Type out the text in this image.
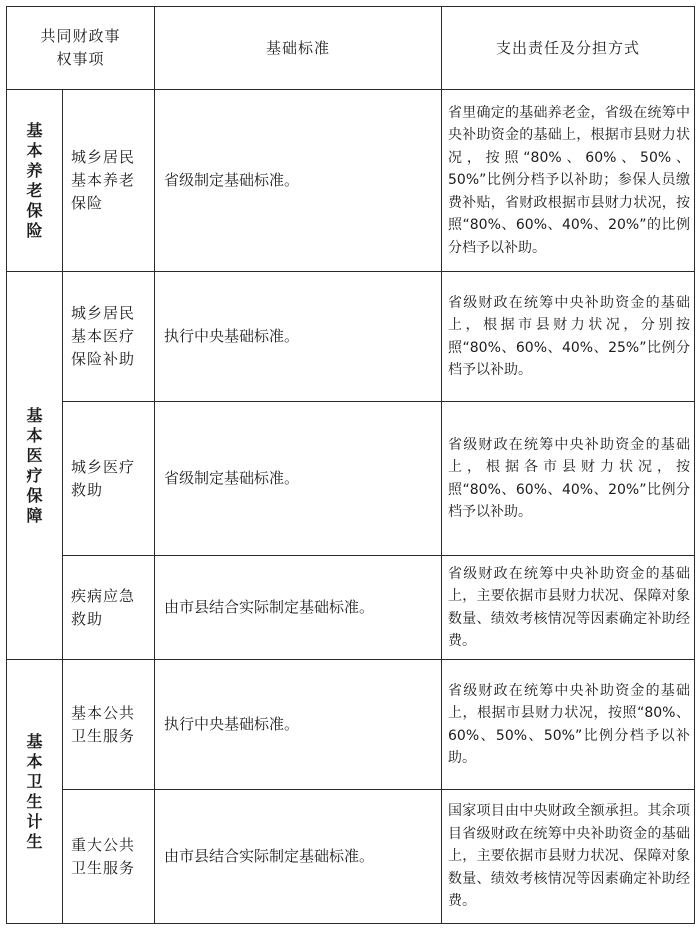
共同财政事权事项		基础标准	支出责任及分担方式
基本养老保险	城乡居民基本养老保险	省级制定基础标准。	省里确定的基础养老金，省级在统筹中央补助资金的基础上，根据市县财力状况，按照“80%、60%、50%、50%”比例分档予以补助；参保人员缴费补贴，省财政根据市县财力状况，按照“80%、60%、40%、20%”的比例分档予以补助。
基本医疗保障	城乡居民基本医疗保险补助	执行中央基础标准。	省级财政在统筹中央补助资金的基础上，根据市县财力状况，分别按照“80%、60%、40%、25%”比例分档予以补助。
	城乡医疗救助	省级制定基础标准。	省级财政在统筹中央补助资金的基础上，根据各市县财力状况，按照“80%、60%、40%、20%”比例分档予以补助。
	疾病应急救助	由市县结合实际制定基础标准。	省级财政在统筹中央补助资金的基础上，主要依据市县财力状况、保障对象数量、绩效考核情况等因素确定补助经费。
基本卫生计生	基本公共卫生服务	执行中央基础标准。	省级财政在统筹中央补助资金的基础上，根据市县财力状况，按照“80%、60%、50%、50%”比例分档予以补助。
	重大公共卫生服务	由市县结合实际制定基础标准。	国家项目由中央财政全额承担。其余项目省级财政在统筹中央补助资金的基础上，主要依据市县财力状况、保障对象数量、绩效考核情况等因素确定补助经费。
